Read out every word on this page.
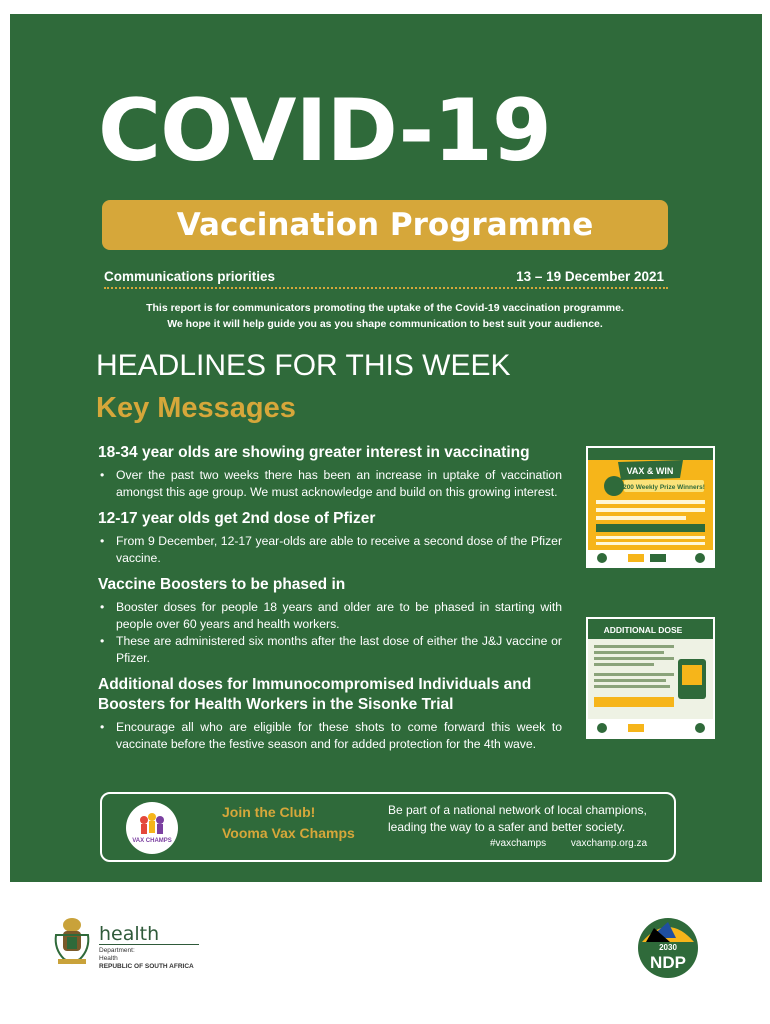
COVID-19
Vaccination Programme
Communications priorities	13 – 19 December 2021

This report is for communicators promoting the uptake of the Covid-19 vaccination programme.

We hope it will help guide you as you shape communication to best suit your audience.

HEADLINES FOR THIS WEEK
Key Messages
18-34 year olds are showing greater interest in vaccinating
• Over the past two weeks there has been an increase in uptake of vaccination amongst this age group. We must acknowledge and build on this growing interest.
12-17 year olds get 2nd dose of Pfizer
• From 9 December, 12-17 year-olds are able to receive a second dose of the Pfizer vaccine.
Vaccine Boosters to be phased in
• Booster doses for people 18 years and older are to be phased in starting with people over 60 years and health workers.
• These are administered six months after the last dose of either the J&J vaccine or Pfizer.
Additional doses for Immunocompromised Individuals and Boosters for Health Workers in the Sisonke Trial
• Encourage all who are eligible for these shots to come forward this week to vaccinate before the festive season and for added protection for the 4th wave.
VAX & WIN
200 Weekly Prize Winners!
ADDITIONAL DOSE
VAX CHAMPS
Join the Club!
Vooma Vax Champs
Be part of a national network of local champions, leading the way to a safer and better society.
#vaxchamps vaxchamp.org.za
health
Department:
Health
REPUBLIC OF SOUTH AFRICA
2030
NDP
